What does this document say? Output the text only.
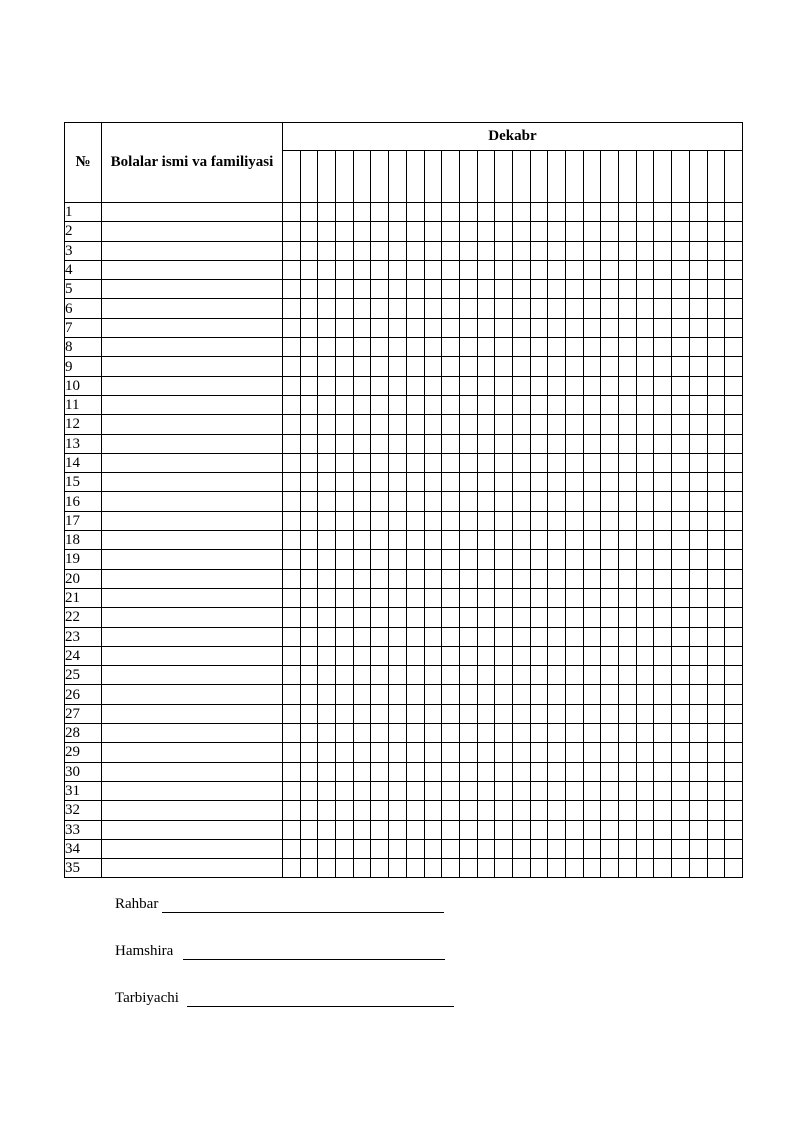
№	Bolalar ismi va familiyasi	Dekabr																									

1																											
2																											
3																											
4																											
5																											
6																											
7																											
8																											
9																											
10																											
11																											
12																											
13																											
14																											
15																											
16																											
17																											
18																											
19																											
20																											
21																											
22																											
23																											
24																											
25																											
26																											
27																											
28																											
29																											
30																											
31																											
32																											
33																											
34																											
35																											
Rahbar
Hamshira
Tarbiyachi
